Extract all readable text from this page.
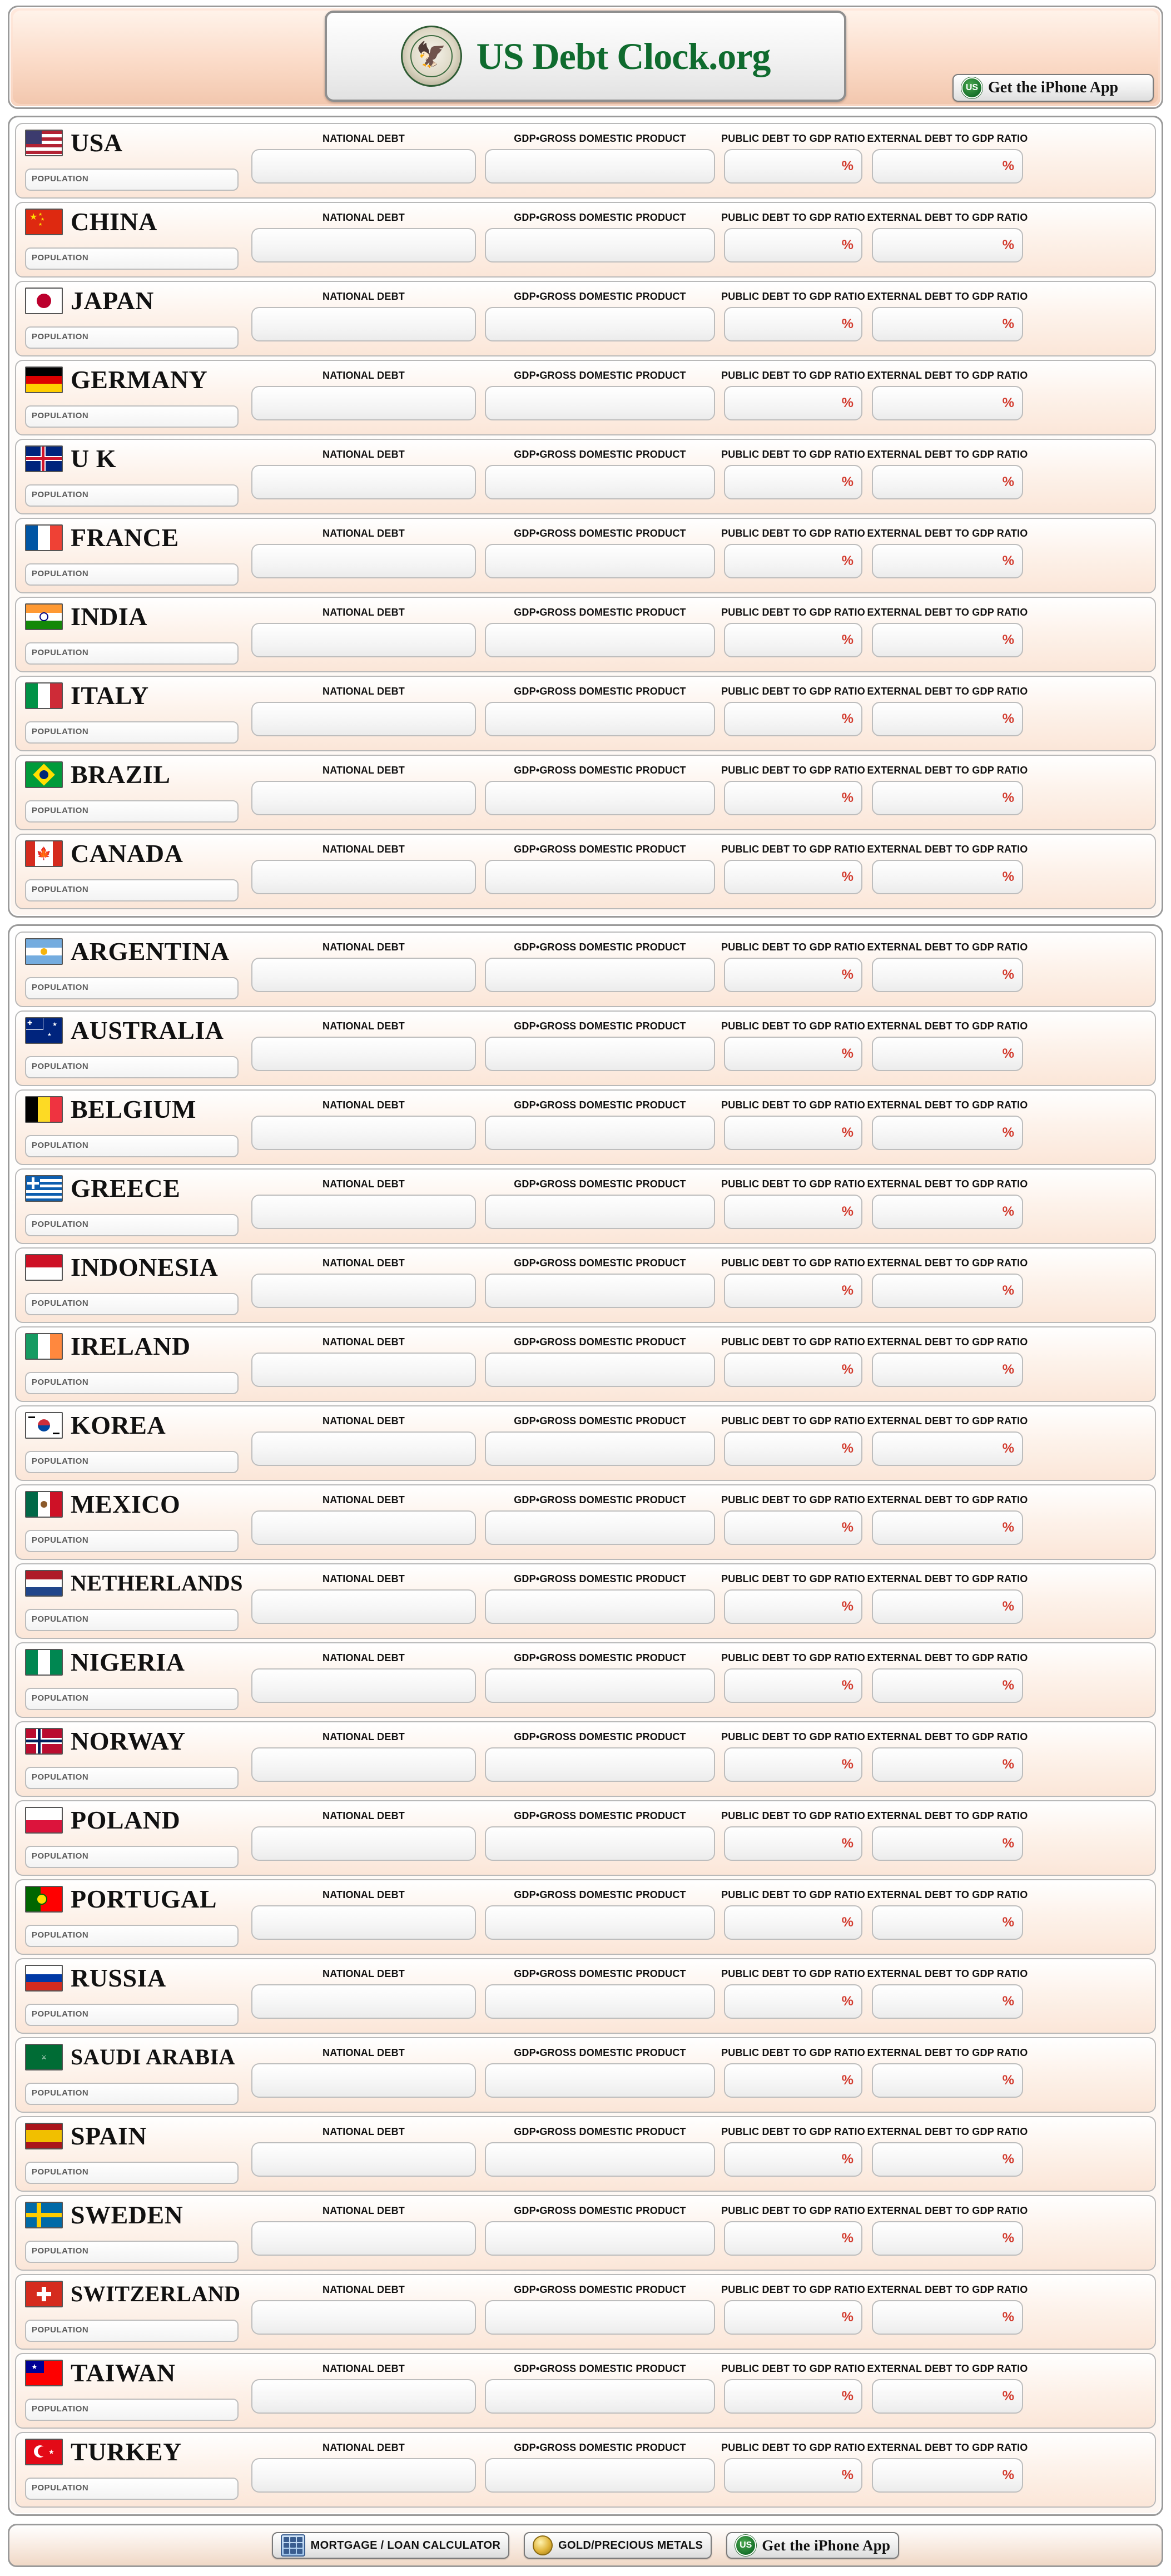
🦅 US Debt Clock.org
US Get the iPhone App
USA
POPULATION
NATIONAL DEBT	GDP•GROSS DOMESTIC PRODUCT	PUBLIC DEBT TO GDP RATIO
%
EXTERNAL DEBT TO GDP RATIO
%
★ ★
★
★ CHINA
POPULATION
NATIONAL DEBT	GDP•GROSS DOMESTIC PRODUCT	PUBLIC DEBT TO GDP RATIO
%
EXTERNAL DEBT TO GDP RATIO
%
JAPAN
POPULATION
NATIONAL DEBT	GDP•GROSS DOMESTIC PRODUCT	PUBLIC DEBT TO GDP RATIO
%
EXTERNAL DEBT TO GDP RATIO
%
GERMANY
POPULATION
NATIONAL DEBT	GDP•GROSS DOMESTIC PRODUCT	PUBLIC DEBT TO GDP RATIO
%
EXTERNAL DEBT TO GDP RATIO
%
U K
POPULATION
NATIONAL DEBT	GDP•GROSS DOMESTIC PRODUCT	PUBLIC DEBT TO GDP RATIO
%
EXTERNAL DEBT TO GDP RATIO
%
FRANCE
POPULATION
NATIONAL DEBT	GDP•GROSS DOMESTIC PRODUCT	PUBLIC DEBT TO GDP RATIO
%
EXTERNAL DEBT TO GDP RATIO
%
INDIA
POPULATION
NATIONAL DEBT	GDP•GROSS DOMESTIC PRODUCT	PUBLIC DEBT TO GDP RATIO
%
EXTERNAL DEBT TO GDP RATIO
%
ITALY
POPULATION
NATIONAL DEBT	GDP•GROSS DOMESTIC PRODUCT	PUBLIC DEBT TO GDP RATIO
%
EXTERNAL DEBT TO GDP RATIO
%
BRAZIL
POPULATION
NATIONAL DEBT	GDP•GROSS DOMESTIC PRODUCT	PUBLIC DEBT TO GDP RATIO
%
EXTERNAL DEBT TO GDP RATIO
%
🍁 CANADA
POPULATION
NATIONAL DEBT	GDP•GROSS DOMESTIC PRODUCT	PUBLIC DEBT TO GDP RATIO
%
EXTERNAL DEBT TO GDP RATIO
%
ARGENTINA
POPULATION
NATIONAL DEBT	GDP•GROSS DOMESTIC PRODUCT	PUBLIC DEBT TO GDP RATIO
%
EXTERNAL DEBT TO GDP RATIO
%
✚	★
★ AUSTRALIA
POPULATION
NATIONAL DEBT	GDP•GROSS DOMESTIC PRODUCT	PUBLIC DEBT TO GDP RATIO
%
EXTERNAL DEBT TO GDP RATIO
%
BELGIUM
POPULATION
NATIONAL DEBT	GDP•GROSS DOMESTIC PRODUCT	PUBLIC DEBT TO GDP RATIO
%
EXTERNAL DEBT TO GDP RATIO
%
GREECE
POPULATION
NATIONAL DEBT	GDP•GROSS DOMESTIC PRODUCT	PUBLIC DEBT TO GDP RATIO
%
EXTERNAL DEBT TO GDP RATIO
%
INDONESIA
POPULATION
NATIONAL DEBT	GDP•GROSS DOMESTIC PRODUCT	PUBLIC DEBT TO GDP RATIO
%
EXTERNAL DEBT TO GDP RATIO
%
IRELAND
POPULATION
NATIONAL DEBT	GDP•GROSS DOMESTIC PRODUCT	PUBLIC DEBT TO GDP RATIO
%
EXTERNAL DEBT TO GDP RATIO
%
KOREA
POPULATION
NATIONAL DEBT	GDP•GROSS DOMESTIC PRODUCT	PUBLIC DEBT TO GDP RATIO
%
EXTERNAL DEBT TO GDP RATIO
%
MEXICO
POPULATION
NATIONAL DEBT	GDP•GROSS DOMESTIC PRODUCT	PUBLIC DEBT TO GDP RATIO
%
EXTERNAL DEBT TO GDP RATIO
%
NETHERLANDS
POPULATION
NATIONAL DEBT	GDP•GROSS DOMESTIC PRODUCT	PUBLIC DEBT TO GDP RATIO
%
EXTERNAL DEBT TO GDP RATIO
%
NIGERIA
POPULATION
NATIONAL DEBT	GDP•GROSS DOMESTIC PRODUCT	PUBLIC DEBT TO GDP RATIO
%
EXTERNAL DEBT TO GDP RATIO
%
NORWAY
POPULATION
NATIONAL DEBT	GDP•GROSS DOMESTIC PRODUCT	PUBLIC DEBT TO GDP RATIO
%
EXTERNAL DEBT TO GDP RATIO
%
POLAND
POPULATION
NATIONAL DEBT	GDP•GROSS DOMESTIC PRODUCT	PUBLIC DEBT TO GDP RATIO
%
EXTERNAL DEBT TO GDP RATIO
%
PORTUGAL
POPULATION
NATIONAL DEBT	GDP•GROSS DOMESTIC PRODUCT	PUBLIC DEBT TO GDP RATIO
%
EXTERNAL DEBT TO GDP RATIO
%
RUSSIA
POPULATION
NATIONAL DEBT	GDP•GROSS DOMESTIC PRODUCT	PUBLIC DEBT TO GDP RATIO
%
EXTERNAL DEBT TO GDP RATIO
%
⚔	SAUDI ARABIA
POPULATION
NATIONAL DEBT	GDP•GROSS DOMESTIC PRODUCT	PUBLIC DEBT TO GDP RATIO
%
EXTERNAL DEBT TO GDP RATIO
%
SPAIN
POPULATION
NATIONAL DEBT	GDP•GROSS DOMESTIC PRODUCT	PUBLIC DEBT TO GDP RATIO
%
EXTERNAL DEBT TO GDP RATIO
%
SWEDEN
POPULATION
NATIONAL DEBT	GDP•GROSS DOMESTIC PRODUCT	PUBLIC DEBT TO GDP RATIO
%
EXTERNAL DEBT TO GDP RATIO
%
SWITZERLAND
POPULATION
NATIONAL DEBT	GDP•GROSS DOMESTIC PRODUCT	PUBLIC DEBT TO GDP RATIO
%
EXTERNAL DEBT TO GDP RATIO
%
★ TAIWAN
POPULATION
NATIONAL DEBT	GDP•GROSS DOMESTIC PRODUCT	PUBLIC DEBT TO GDP RATIO
%
EXTERNAL DEBT TO GDP RATIO
%
★ TURKEY
POPULATION
NATIONAL DEBT	GDP•GROSS DOMESTIC PRODUCT	PUBLIC DEBT TO GDP RATIO
%
EXTERNAL DEBT TO GDP RATIO
%
MORTGAGE / LOAN CALCULATOR	GOLD/PRECIOUS METALS	US Get the iPhone App
